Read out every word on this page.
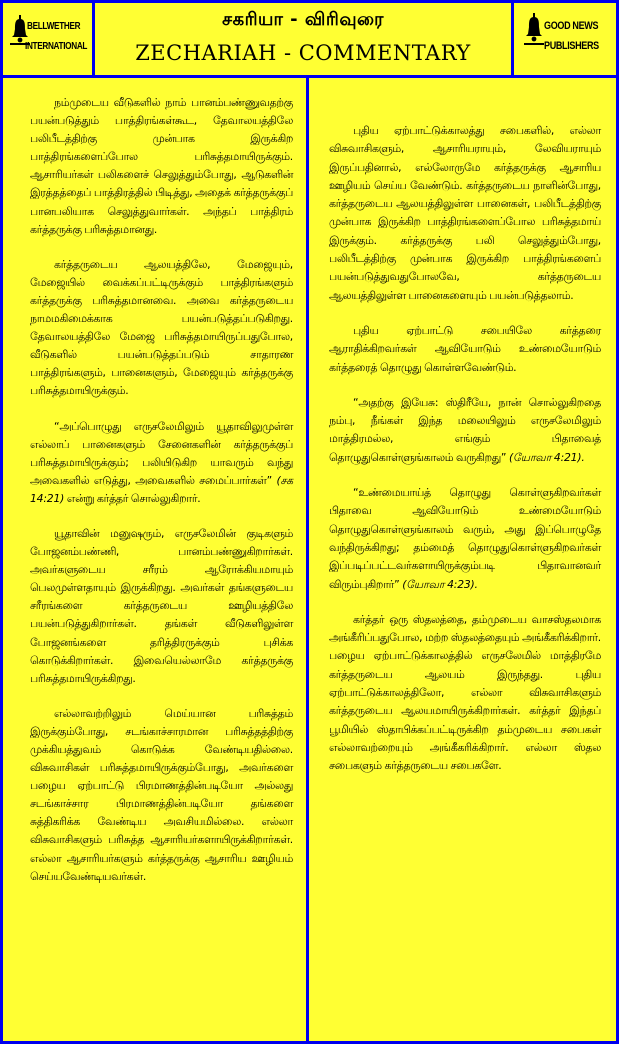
BELLWETHER
INTERNATIONAL
சகரியா - விரிவுரை
ZECHARIAH - COMMENTARY
GOOD NEWS
PUBLISHERS

நம்முடைய வீடுகளில் நாம் பானம்பண்ணுவதற்கு பயன்படுத்தும் பாத்திரங்கள்கூட, தேவாலயத்திலே பலிபீடத்திற்கு முன்பாக இருக்கிற பாத்திரங்களைப்போல பரிசுத்தமாயிருக்கும். ஆசாரியர்கள் பலிகளைச் செலுத்தும்போது, ஆடுகளின் இரத்தத்தைப் பாத்திரத்தில் பிடித்து, அதைக் கர்த்தருக்குப் பானபலியாக செலுத்துவார்கள். அந்தப் பாத்திரம் கர்த்தருக்கு பரிசுத்தமானது.

கர்த்தருடைய ஆலயத்திலே, மேஜையும், மேஜையில் வைக்கப்பட்டிருக்கும் பாத்திரங்களும் கர்த்தருக்கு பரிசுத்தமானவை. அவை கர்த்தருடைய நாமமகிமைக்காக பயன்படுத்தப்படுகிறது. தேவாலயத்திலே மேஜை பரிசுத்தமாயிருப்பதுபோல, வீடுகளில் பயன்படுத்தப்படும் சாதாரண பாத்திரங்களும், பானைகளும், மேஜையும் கர்த்தருக்கு பரிசுத்தமாயிருக்கும்.

“அப்பொழுது எருசலேமிலும் யூதாவிலுமுள்ள எல்லாப் பானைகளும் சேனைகளின் கர்த்தருக்குப் பரிசுத்தமாயிருக்கும்; பலியிடுகிற யாவரும் வந்து அவைகளில் எடுத்து, அவைகளில் சமைப்பார்கள்” (சக 14:21) என்று கர்த்தர் சொல்லுகிறார்.

யூதாவின் மனுஷரும், எருசலேமின் குடிகளும் போஜனம்பண்ணி, பானம்பண்ணுகிறார்கள். அவர்களுடைய சரீரம் ஆரோக்கியமாயும் பெலமுள்ளதாயும் இருக்கிறது. அவர்கள் தங்களுடைய சரீரங்களை கர்த்தருடைய ஊழியத்திலே பயன்படுத்துகிறார்கள். தங்கள் வீடுகளிலுள்ள போஜனங்களை தரித்திரருக்கும் புசிக்க கொடுக்கிறார்கள். இவையெல்லாமே கர்த்தருக்கு பரிசுத்தமாயிருக்கிறது.

எல்லாவற்றிலும் மெய்யான பரிசுத்தம் இருக்கும்போது, சடங்காச்சாரமான பரிசுத்தத்திற்கு முக்கியத்துவம் கொடுக்க வேண்டியதில்லை. விசுவாசிகள் பரிசுத்தமாயிருக்கும்போது, அவர்களை பழைய ஏற்பாட்டு பிரமாணத்தின்படியோ அல்லது சடங்காச்சார பிரமாணத்தின்படியோ தங்களை சுத்திகரிக்க வேண்டிய அவசியமில்லை. எல்லா விசுவாசிகளும் பரிசுத்த ஆசாரியர்களாயிருக்கிறார்கள். எல்லா ஆசாரியர்களும் கர்த்தருக்கு ஆசாரிய ஊழியம் செய்யவேண்டியவர்கள்.

புதிய ஏற்பாட்டுக்காலத்து சபைகளில், எல்லா விசுவாசிகளும், ஆசாரியராயும், லேவியராயும் இருப்பதினால், எல்லோருமே கர்த்தருக்கு ஆசாரிய ஊழியம் செய்ய வேண்டும். கர்த்தருடைய நாளின்போது, கர்த்தருடைய ஆலயத்திலுள்ள பானைகள், பலிபீடத்திற்கு முன்பாக இருக்கிற பாத்திரங்களைப்போல பரிசுத்தமாய் இருக்கும். கர்த்தருக்கு பலி செலுத்தும்போது, பலிபீடத்திற்கு முன்பாக இருக்கிற பாத்திரங்களைப் பயன்படுத்துவதுபோலவே, கர்த்தருடைய ஆலயத்திலுள்ள பானைகளையும் பயன்படுத்தலாம்.

புதிய ஏற்பாட்டு சபையிலே கர்த்தரை ஆராதிக்கிறவர்கள் ஆவியோடும் உண்மையோடும் கர்த்தரைத் தொழுது கொள்ளவேண்டும்.

“அதற்கு இயேசு: ஸ்திரீயே, நான் சொல்லுகிறதை நம்பு, நீங்கள் இந்த மலையிலும் எருசலேமிலும் மாத்திரமல்ல, எங்கும் பிதாவைத் தொழுதுகொள்ளுங்காலம் வருகிறது” (யோவா 4:21).

“உண்மையாய்த் தொழுது கொள்ளுகிறவர்கள் பிதாவை ஆவியோடும் உண்மையோடும் தொழுதுகொள்ளுங்காலம் வரும், அது இப்பொழுதே வந்திருக்கிறது; தம்மைத் தொழுதுகொள்ளுகிறவர்கள் இப்படிப்பட்டவர்களாயிருக்கும்படி பிதாவானவர் விரும்புகிறார்” (யோவா 4:23).

கர்த்தர் ஒரு ஸ்தலத்தை, தம்முடைய வாசஸ்தலமாக அங்கீரிப்பதுபோல, மற்ற ஸ்தலத்தையும் அங்கீகரிக்கிறார். பழைய ஏற்பாட்டுக்காலத்தில் எருசலேமில் மாத்திரமே கர்த்தருடைய ஆலயம் இருந்தது. புதிய ஏற்பாட்டுக்காலத்திலோ, எல்லா விசுவாசிகளும் கர்த்தருடைய ஆலயமாயிருக்கிறார்கள். கர்த்தர் இந்தப் பூமியில் ஸ்தாபிக்கப்பட்டிருக்கிற தம்முடைய சபைகள் எல்லாவற்றையும் அங்கீகரிக்கிறார். எல்லா ஸ்தல சபைகளும் கர்த்தருடைய சபைகளே.
